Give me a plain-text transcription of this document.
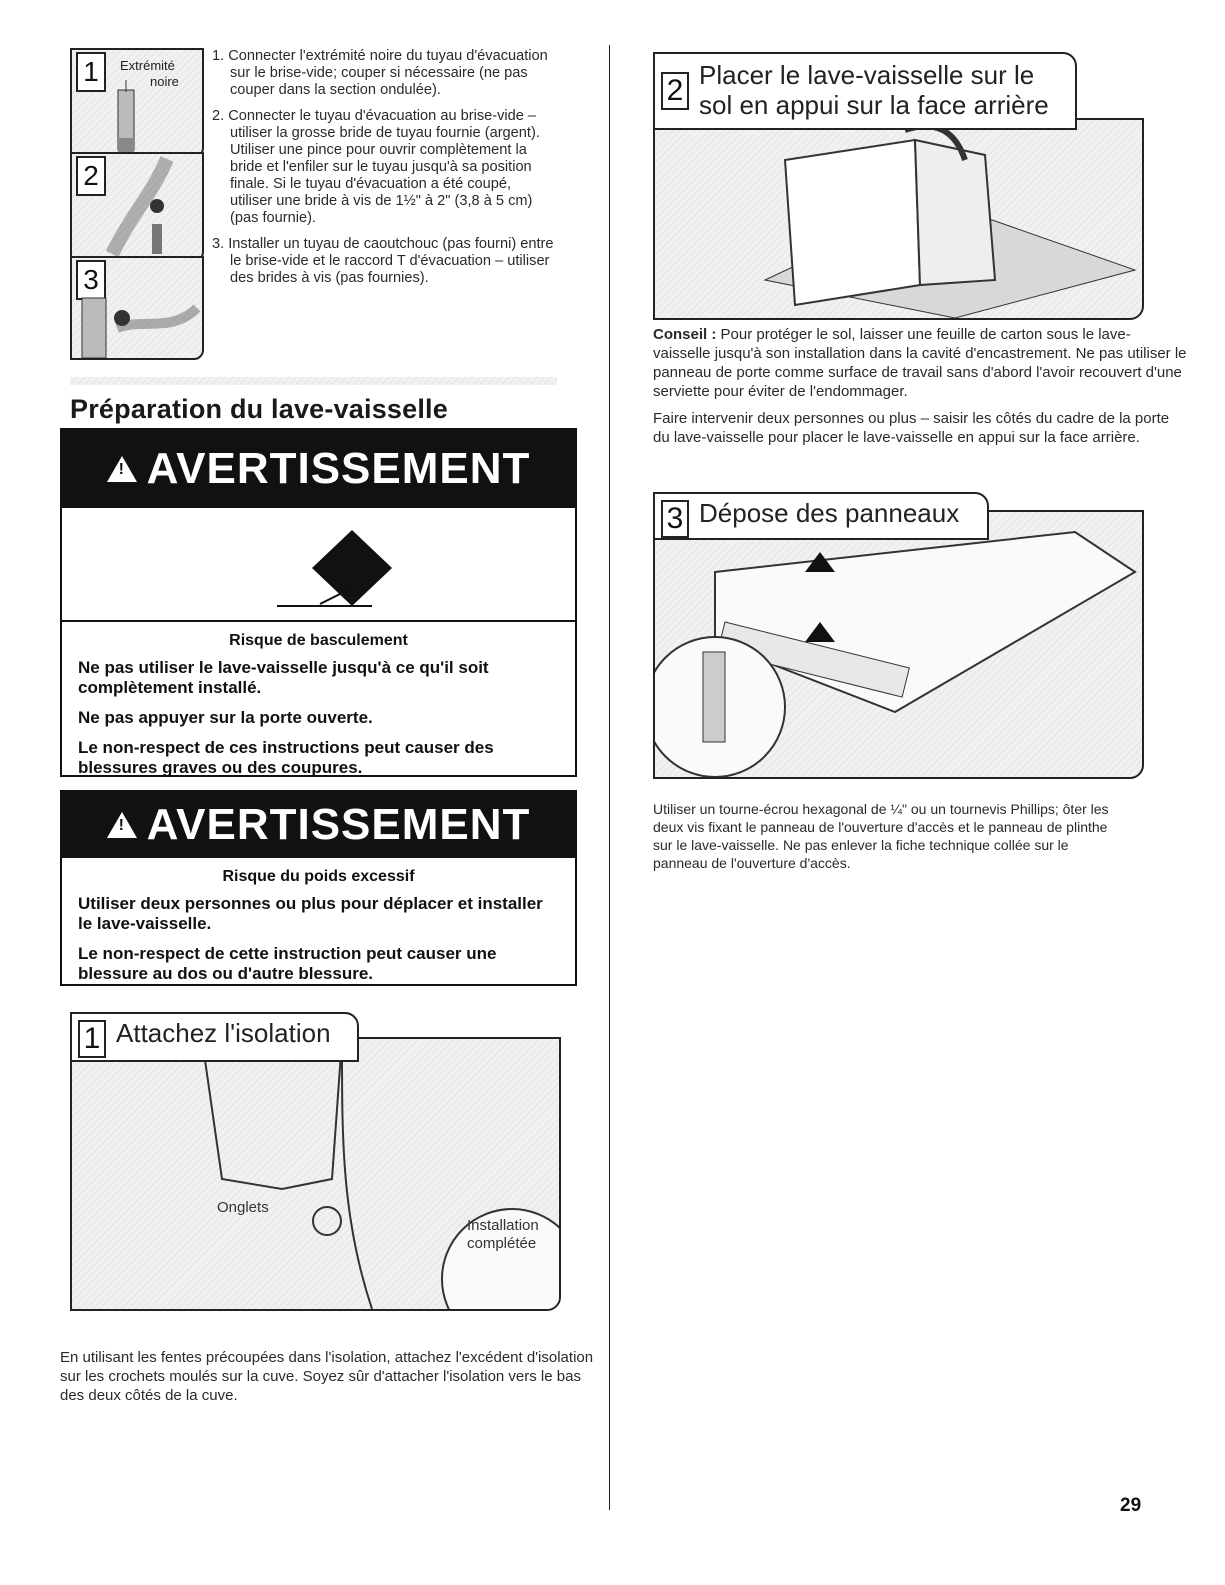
1	Extrémité
noire
2
3

1. Connecter l'extrémité noire du tuyau d'évacuation sur le brise-vide; couper si nécessaire (ne pas couper dans la section ondulée).

2. Connecter le tuyau d'évacuation au brise-vide – utiliser la grosse bride de tuyau fournie (argent). Utiliser une pince pour ouvrir complètement la bride et l'enfiler sur le tuyau jusqu'à sa position finale. Si le tuyau d'évacuation a été coupé, utiliser une bride à vis de 1½" à 2" (3,8 à 5 cm) (pas fournie).

3. Installer un tuyau de caoutchouc (pas fourni) entre le brise-vide et le raccord T d'évacuation – utiliser des brides à vis (pas fournies).

Préparation du lave-vaisselle
!
AVERTISSEMENT
Risque de basculement
Ne pas utiliser le lave-vaisselle jusqu'à ce qu'il soit complètement installé.
Ne pas appuyer sur la porte ouverte.
Le non-respect de ces instructions peut causer des blessures graves ou des coupures.
!
AVERTISSEMENT
Risque du poids excessif
Utiliser deux personnes ou plus pour déplacer et installer le lave-vaisselle.
Le non-respect de cette instruction peut causer une blessure au dos ou d'autre blessure.
Onglets
Installation
complétée
1 Attachez l'isolation
En utilisant les fentes précoupées dans l'isolation, attachez l'excédent d'isolation sur les crochets moulés sur la cuve. Soyez sûr d'attacher l'isolation vers le bas des deux côtés de la cuve.
2 Placer le lave-vaisselle sur le
sol en appui sur la face arrière

Conseil : Pour protéger le sol, laisser une feuille de carton sous le lave-vaisselle jusqu'à son installation dans la cavité d'encastrement. Ne pas utiliser le panneau de porte comme surface de travail sans d'abord l'avoir recouvert d'une serviette pour éviter de l'endommager.

Faire intervenir deux personnes ou plus – saisir les côtés du cadre de la porte du lave-vaisselle pour placer le lave-vaisselle en appui sur la face arrière.

3 Dépose des panneaux
Utiliser un tourne-écrou hexagonal de ¼" ou un tournevis Phillips; ôter les deux vis fixant le panneau de l'ouverture d'accès et le panneau de plinthe sur le lave-vaisselle. Ne pas enlever la fiche technique collée sur le panneau de l'ouverture d'accès.
29
